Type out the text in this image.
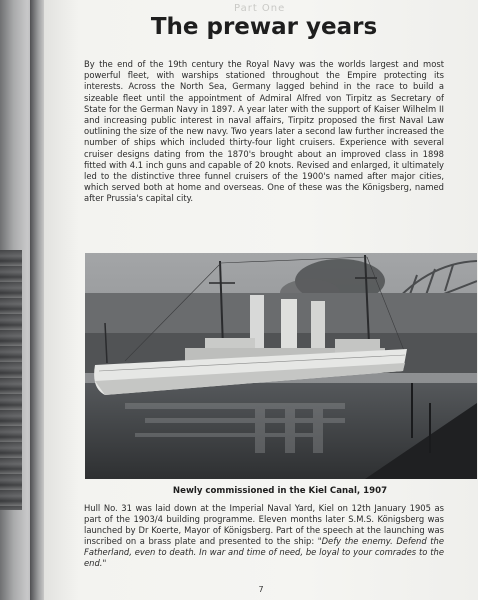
Part One
The prewar years

By the end of the 19th century the Royal Navy was the worlds largest and most powerful fleet, with warships stationed throughout the Empire protecting its interests. Across the North Sea, Germany lagged behind in the race to build a sizeable fleet until the appointment of Admiral Alfred von Tirpitz as Secretary of State for the German Navy in 1897. A year later with the support of Kaiser Wilhelm II and increasing public interest in naval affairs, Tirpitz proposed the first Naval Law outlining the size of the new navy. Two years later a second law further increased the number of ships which included thirty-four light cruisers. Experience with several cruiser designs dating from the 1870's brought about an improved class in 1898 fitted with 4.1 inch guns and capable of 20 knots. Revised and enlarged, it ultimately led to the distinctive three funnel cruisers of the 1900's named after major cities, which served both at home and overseas. One of these was the Königsberg, named after Prussia's capital city.

Newly commissioned in the Kiel Canal, 1907

Hull No. 31 was laid down at the Imperial Naval Yard, Kiel on 12th January 1905 as part of the 1903/4 building programme. Eleven months later S.M.S. Königsberg was launched by Dr Koerte, Mayor of Königsberg. Part of the speech at the launching was inscribed on a brass plate and presented to the ship: "Defy the enemy. Defend the Fatherland, even to death. In war and time of need, be loyal to your comrades to the end."

7
